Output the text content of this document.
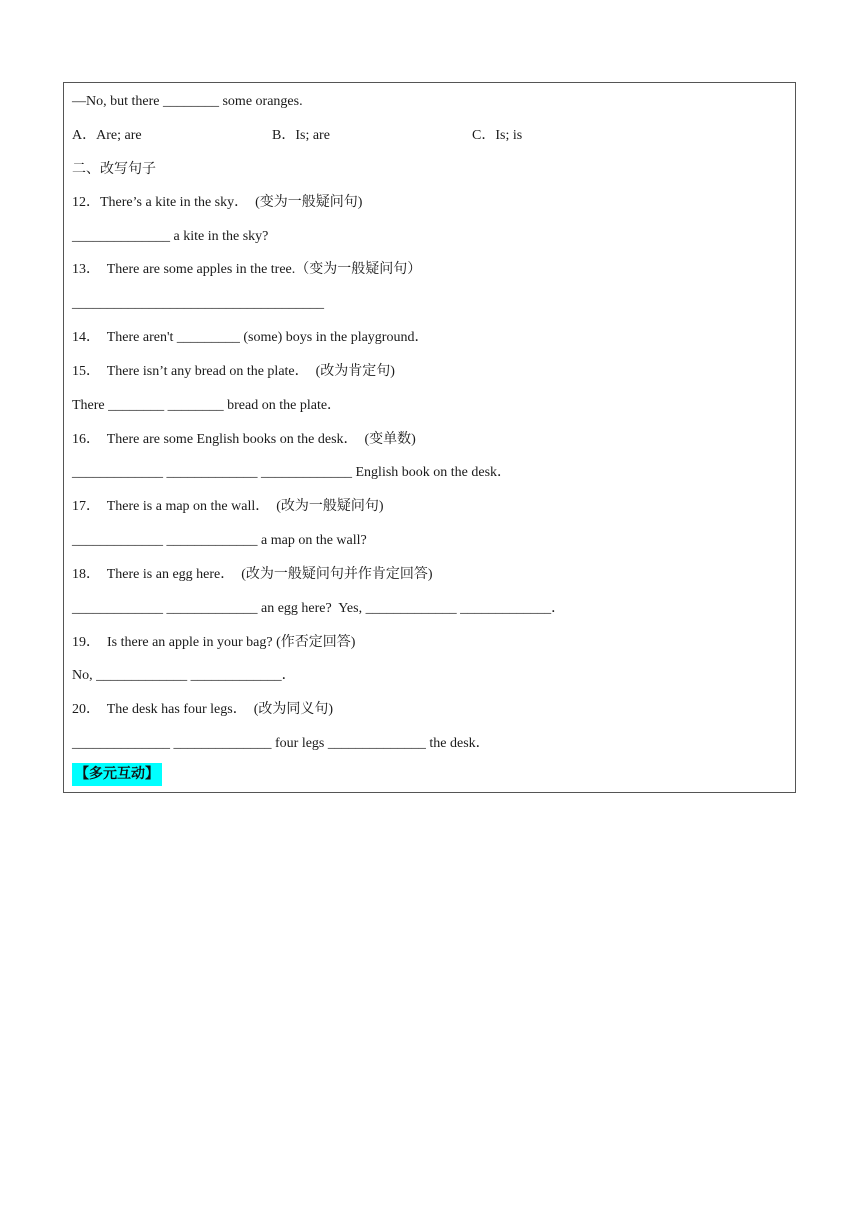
—No, but there ________ some oranges.
A．Are; are	B．Is; are	C．Is; is
二、改写句子
12．There’s a kite in the sky．  (变为一般疑问句)
______________ a kite in the sky?
13．  There are some apples in the tree.（变为一般疑问句）
____________________________________
14．  There aren't _________ (some) boys in the playground．
15．  There isn’t any bread on the plate．  (改为肯定句)
There ________ ________ bread on the plate．
16．  There are some English books on the desk．  (变单数)
_____________ _____________ _____________ English book on the desk．
17．  There is a map on the wall．  (改为一般疑问句)
_____________ _____________ a map on the wall?
18．  There is an egg here．  (改为一般疑问句并作肯定回答)
_____________ _____________ an egg here?  Yes, _____________ _____________．
19．  Is there an apple in your bag? (作否定回答)
No, _____________ _____________．
20．  The desk has four legs．  (改为同义句)
______________ ______________ four legs ______________ the desk．
【多元互动】
